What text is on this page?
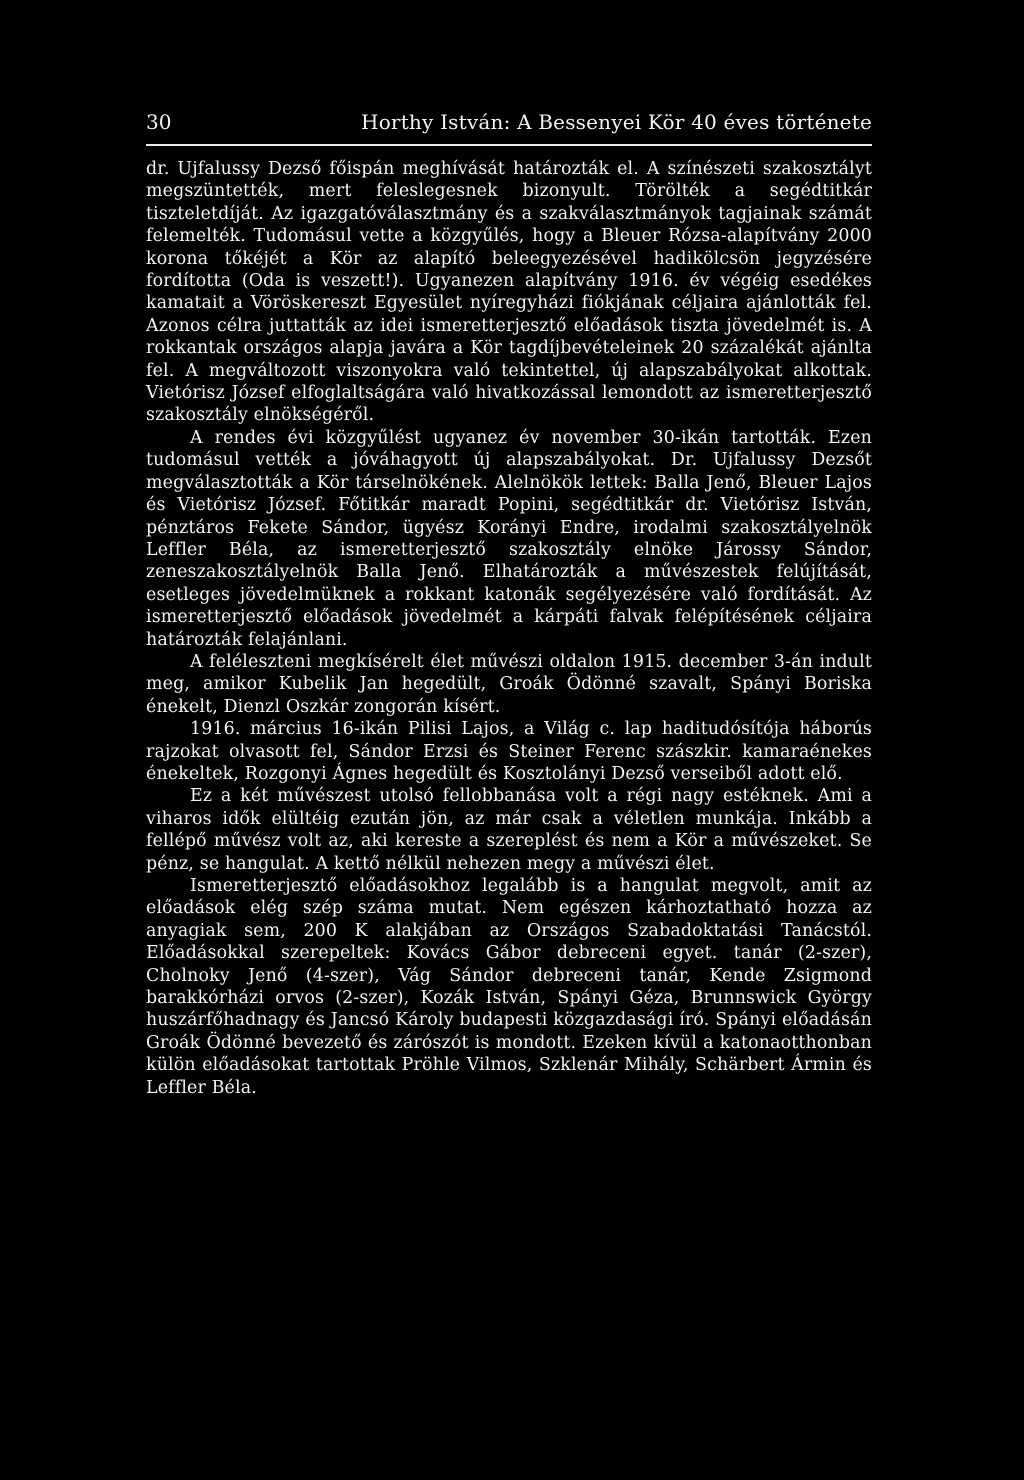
30	Horthy István: A Bessenyei Kör 40 éves története

dr. Ujfalussy Dezső főispán meghívását határozták el. A színészeti szakosztályt megszüntették, mert feleslegesnek bizonyult. Törölték a segédtitkár tiszteletdíját. Az igazgatóválasztmány és a szakválasztmányok tagjainak számát felemelték. Tudomásul vette a közgyűlés, hogy a Bleuer Rózsa-alapítvány 2000 korona tőkéjét a Kör az alapító beleegyezésével hadikölcsön jegyzésére fordította (Oda is veszett!). Ugyanezen alapítvány 1916. év végéig esedékes kamatait a Vöröskereszt Egyesület nyíregyházi fiókjának céljaira ajánlották fel. Azonos célra juttatták az idei ismeretterjesztő előadások tiszta jövedelmét is. A rokkantak országos alapja javára a Kör tagdíjbevételeinek 20 százalékát ajánlta fel. A megváltozott viszonyokra való tekintettel, új alapszabályokat alkottak. Vietórisz József elfoglaltságára való hivatkozással lemondott az ismeretterjesztő szakosztály elnökségéről.

A rendes évi közgyűlést ugyanez év november 30-ikán tartották. Ezen tudomásul vették a jóváhagyott új alapszabályokat. Dr. Ujfalussy Dezsőt megválasztották a Kör társelnökének. Alelnökök lettek: Balla Jenő, Bleuer Lajos és Vietórisz József. Főtitkár maradt Popini, segédtitkár dr. Vietórisz István, pénztáros Fekete Sándor, ügyész Korányi Endre, irodalmi szakosztályelnök Leffler Béla, az ismeretterjesztő szakosztály elnöke Járossy Sándor, zeneszakosztályelnök Balla Jenő. Elhatározták a művészestek felújítását, esetleges jövedelmüknek a rokkant katonák segélyezésére való fordítását. Az ismeretterjesztő előadások jövedelmét a kárpáti falvak felépítésének céljaira határozták felajánlani.

A feléleszteni megkísérelt élet művészi oldalon 1915. december 3-án indult meg, amikor Kubelik Jan hegedült, Groák Ödönné szavalt, Spányi Boriska énekelt, Dienzl Oszkár zongorán kísért.

1916. március 16-ikán Pilisi Lajos, a Világ c. lap haditudósítója háborús rajzokat olvasott fel, Sándor Erzsi és Steiner Ferenc szászkir. kamaraénekes énekeltek, Rozgonyi Ágnes hegedült és Kosztolányi Dezső verseiből adott elő.

Ez a két művészest utolsó fellobbanása volt a régi nagy estéknek. Ami a viharos idők elültéig ezután jön, az már csak a véletlen munkája. Inkább a fellépő művész volt az, aki kereste a szereplést és nem a Kör a művészeket. Se pénz, se hangulat. A kettő nélkül nehezen megy a művészi élet.

Ismeretterjesztő előadásokhoz legalább is a hangulat megvolt, amit az előadások elég szép száma mutat. Nem egészen kárhoztatható hozza az anyagiak sem, 200 K alakjában az Országos Szabadoktatási Tanácstól. Előadásokkal szerepeltek: Kovács Gábor debreceni egyet. tanár (2-szer), Cholnoky Jenő (4-szer), Vág Sándor debreceni tanár, Kende Zsigmond barakkórházi orvos (2-szer), Kozák István, Spányi Géza, Brunnswick György huszárfőhadnagy és Jancsó Károly budapesti közgazdasági író. Spányi előadásán Groák Ödönné bevezető és zárószót is mondott. Ezeken kívül a katonaotthonban külön előadásokat tartottak Pröhle Vilmos, Szklenár Mihály, Schärbert Ármin és Leffler Béla.
